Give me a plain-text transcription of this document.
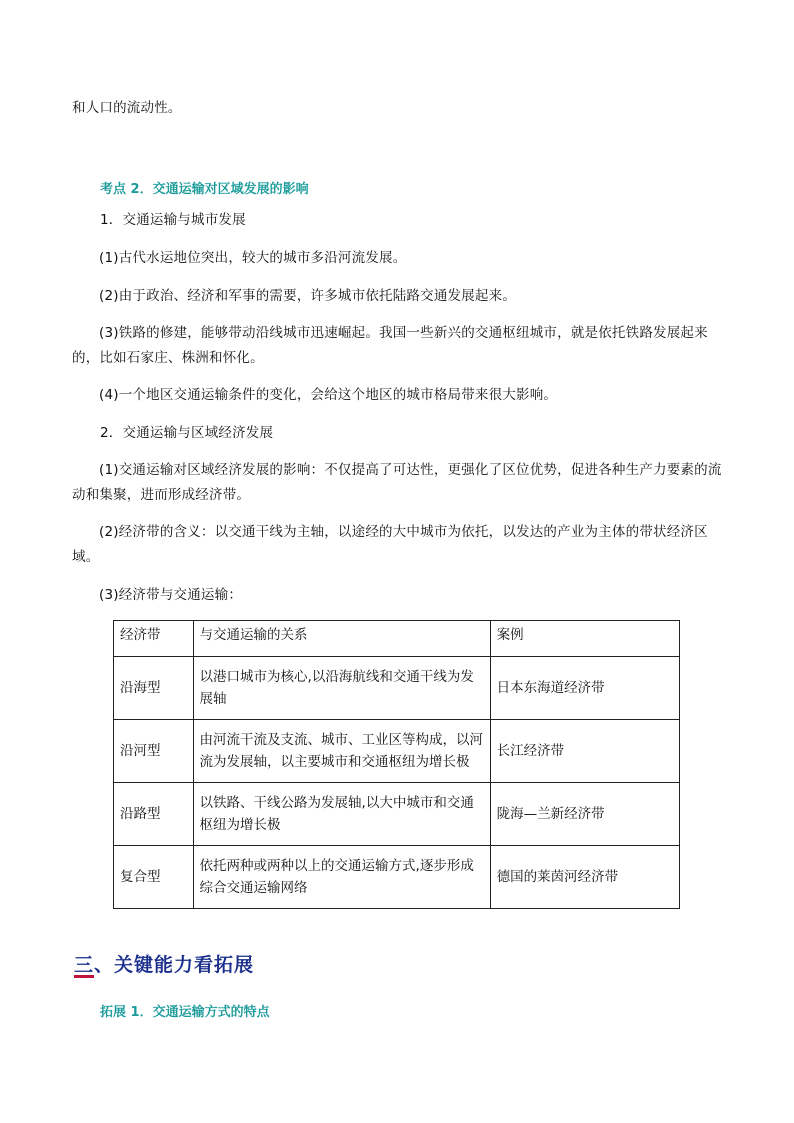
和人口的流动性。

考点 2．交通运输对区域发展的影响

1．交通运输与城市发展

(1)古代水运地位突出，较大的城市多沿河流发展。

(2)由于政治、经济和军事的需要，许多城市依托陆路交通发展起来。

(3)铁路的修建，能够带动沿线城市迅速崛起。我国一些新兴的交通枢纽城市，就是依托铁路发展起来的，比如石家庄、株洲和怀化。

(4)一个地区交通运输条件的变化，会给这个地区的城市格局带来很大影响。

2．交通运输与区域经济发展

(1)交通运输对区域经济发展的影响：不仅提高了可达性，更强化了区位优势，促进各种生产力要素的流动和集聚，进而形成经济带。

(2)经济带的含义：以交通干线为主轴，以途经的大中城市为依托，以发达的产业为主体的带状经济区域。

(3)经济带与交通运输：

经济带	与交通运输的关系	案例
沿海型	以港口城市为核心,以沿海航线和交通干线为发展轴	日本东海道经济带
沿河型	由河流干流及支流、城市、工业区等构成，以河流为发展轴，以主要城市和交通枢纽为增长极	长江经济带
沿路型	以铁路、干线公路为发展轴,以大中城市和交通枢纽为增长极	陇海—兰新经济带
复合型	依托两种或两种以上的交通运输方式,逐步形成综合交通运输网络	德国的莱茵河经济带

三、关键能力看拓展

拓展 1．交通运输方式的特点
